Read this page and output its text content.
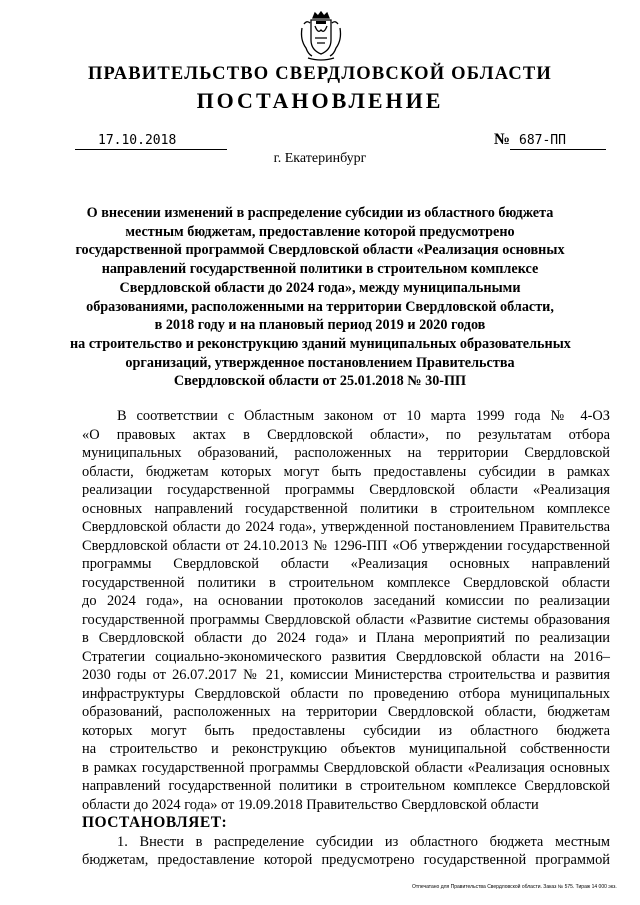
ПРАВИТЕЛЬСТВО СВЕРДЛОВСКОЙ ОБЛАСТИ
ПОСТАНОВЛЕНИЕ
17.10.2018	№ 687-ПП
г. Екатеринбург
О внесении изменений в распределение субсидии из областного бюджета
местным бюджетам, предоставление которой предусмотрено
государственной программой Свердловской области «Реализация основных
направлений государственной политики в строительном комплексе
Свердловской области до 2024 года», между муниципальными
образованиями, расположенными на территории Свердловской области,
в 2018 году и на плановый период 2019 и 2020 годов
на строительство и реконструкцию зданий муниципальных образовательных
организаций, утвержденное постановлением Правительства
Свердловской области от 25.01.2018 № 30-ПП
В соответствии с Областным законом от 10 марта 1999 года № 4-ОЗ
«О правовых актах в Свердловской области», по результатам отбора
муниципальных образований, расположенных на территории Свердловской
области, бюджетам которых могут быть предоставлены субсидии в рамках
реализации государственной программы Свердловской области «Реализация
основных направлений государственной политики в строительном комплексе
Свердловской области до 2024 года», утвержденной постановлением Правительства
Свердловской области от 24.10.2013 № 1296-ПП «Об утверждении государственной
программы Свердловской области «Реализация основных направлений
государственной политики в строительном комплексе Свердловской области
до 2024 года», на основании протоколов заседаний комиссии по реализации
государственной программы Свердловской области «Развитие системы образования
в Свердловской области до 2024 года» и Плана мероприятий по реализации
Стратегии социально-экономического развития Свердловской области на 2016–
2030 годы от 26.07.2017 № 21, комиссии Министерства строительства и развития
инфраструктуры Свердловской области по проведению отбора муниципальных
образований, расположенных на территории Свердловской области, бюджетам
которых могут быть предоставлены субсидии из областного бюджета
на строительство и реконструкцию объектов муниципальной собственности
в рамках государственной программы Свердловской области «Реализация основных
направлений государственной политики в строительном комплексе Свердловской
области до 2024 года» от 19.09.2018 Правительство Свердловской области
ПОСТАНОВЛЯЕТ:
1. Внести в распределение субсидии из областного бюджета местным
бюджетам, предоставление которой предусмотрено государственной программой
Отпечатано для Правительства Свердловской области. Заказ № 575. Тираж 14 000 экз.
